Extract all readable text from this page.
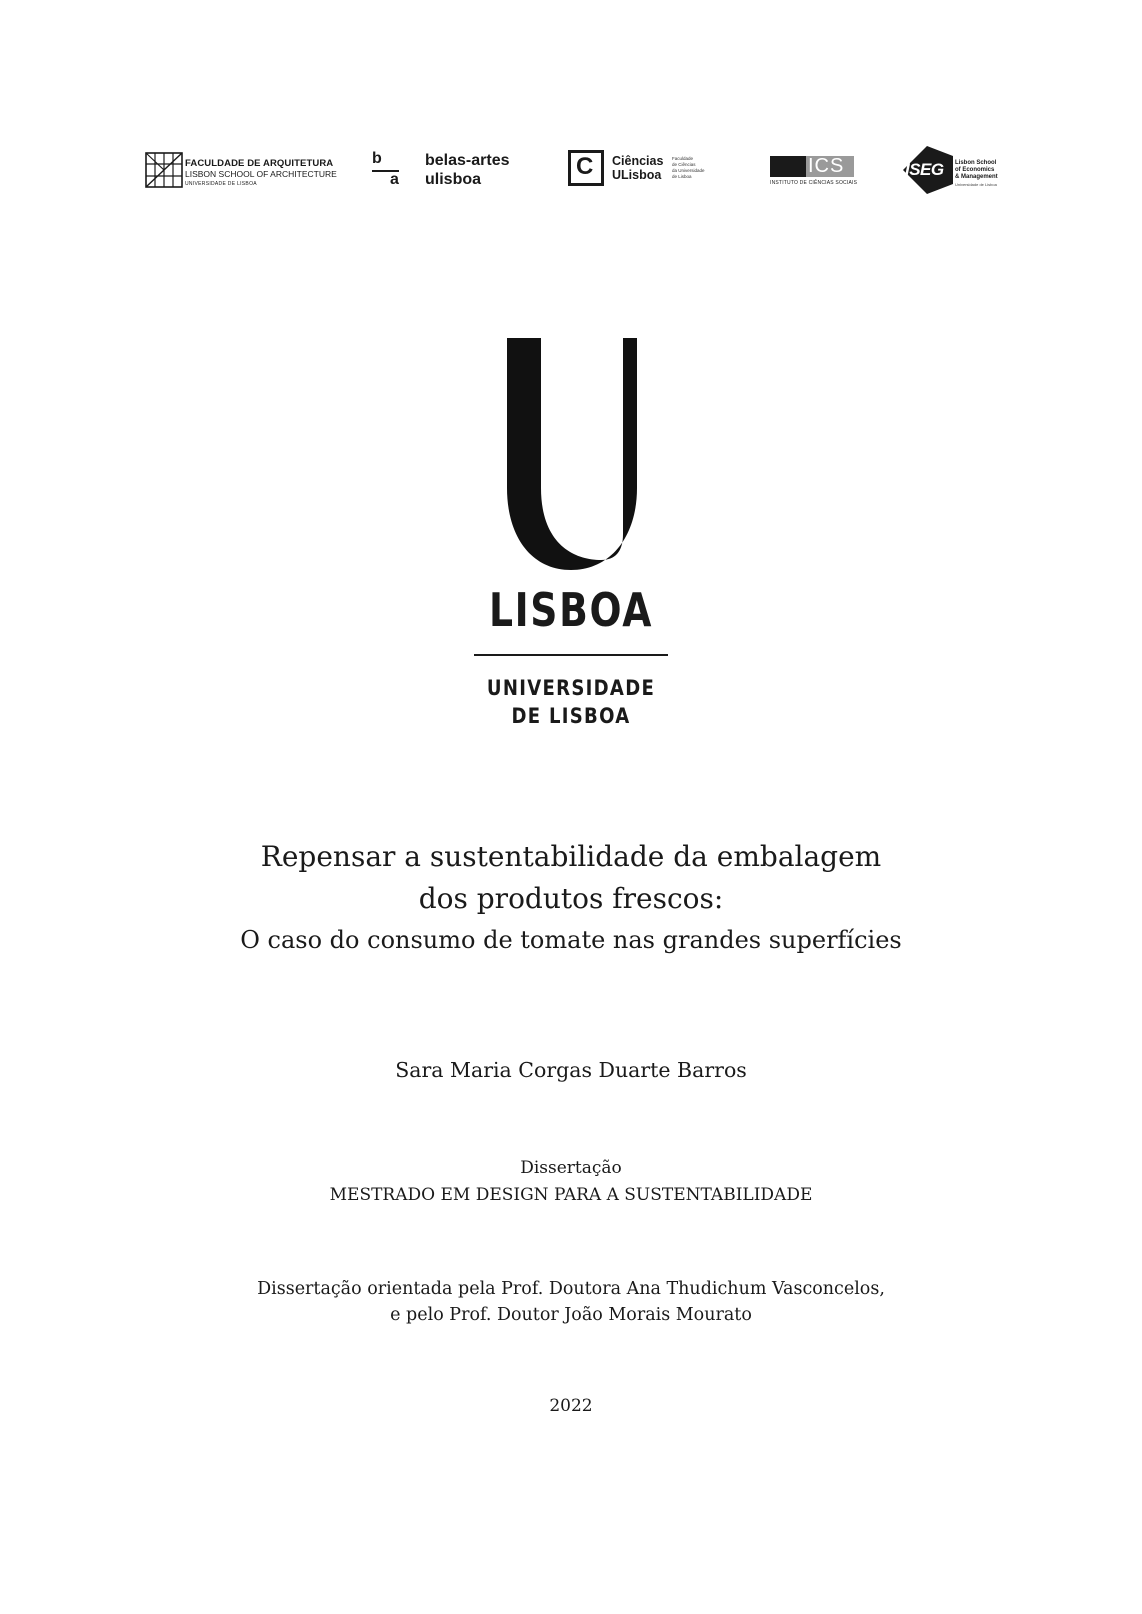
FACULDADE DE ARQUITETURA
LISBON SCHOOL OF ARCHITECTURE
UNIVERSIDADE DE LISBOA
b
a
belas-artes
ulisboa	C Ciências
ULisboa
Faculdade
de Ciências
da Universidade
de Lisboa	ICS
INSTITUTO DE CIÊNCIAS SOCIAIS
ISEG Lisbon School
of Economics
& Management
Universidade de Lisboa
LISBOA
UNIVERSIDADE
DE LISBOA
Repensar a sustentabilidade da embalagem
dos produtos frescos:
O caso do consumo de tomate nas grandes superfícies
Sara Maria Corgas Duarte Barros
Dissertação
MESTRADO EM DESIGN PARA A SUSTENTABILIDADE
Dissertação orientada pela Prof. Doutora Ana Thudichum Vasconcelos,
e pelo Prof. Doutor João Morais Mourato
2022
